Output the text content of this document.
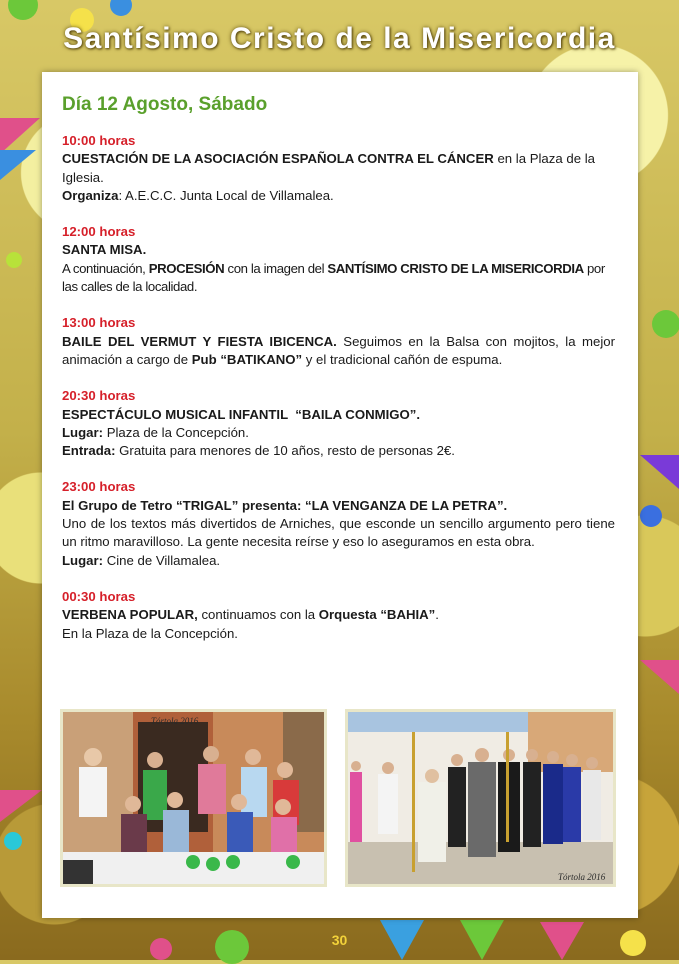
Santísimo Cristo de la Misericordia
Día 12 Agosto, Sábado
10:00 horas
CUESTACIÓN DE LA ASOCIACIÓN ESPAÑOLA CONTRA EL CÁNCER en la Plaza de la Iglesia.
Organiza: A.E.C.C. Junta Local de Villamalea.
12:00 horas
SANTA MISA.
A continuación, PROCESIÓN con la imagen del SANTÍSIMO CRISTO DE LA MISERICORDIA por las calles de la localidad.
13:00 horas
BAILE DEL VERMUT Y FIESTA IBICENCA. Seguimos en la Balsa con mojitos, la mejor animación a cargo de Pub “BATIKANO” y el tradicional cañón de espuma.
20:30 horas
ESPECTÁCULO MUSICAL INFANTIL  “BAILA CONMIGO”.
Lugar: Plaza de la Concepción.
Entrada: Gratuita para menores de 10 años, resto de personas 2€.
23:00 horas
El Grupo de Tetro “TRIGAL” presenta: “LA VENGANZA DE LA PETRA”.
Uno de los textos más divertidos de Arniches, que esconde un sencillo argumento pero tiene un ritmo maravilloso. La gente necesita reírse y eso lo aseguramos en esta obra.
Lugar: Cine de Villamalea.
00:30 horas
VERBENA POPULAR, continuamos con la Orquesta “BAHIA”.
En la Plaza de la Concepción.
Tórtola 2016
Tórtola 2016
30
